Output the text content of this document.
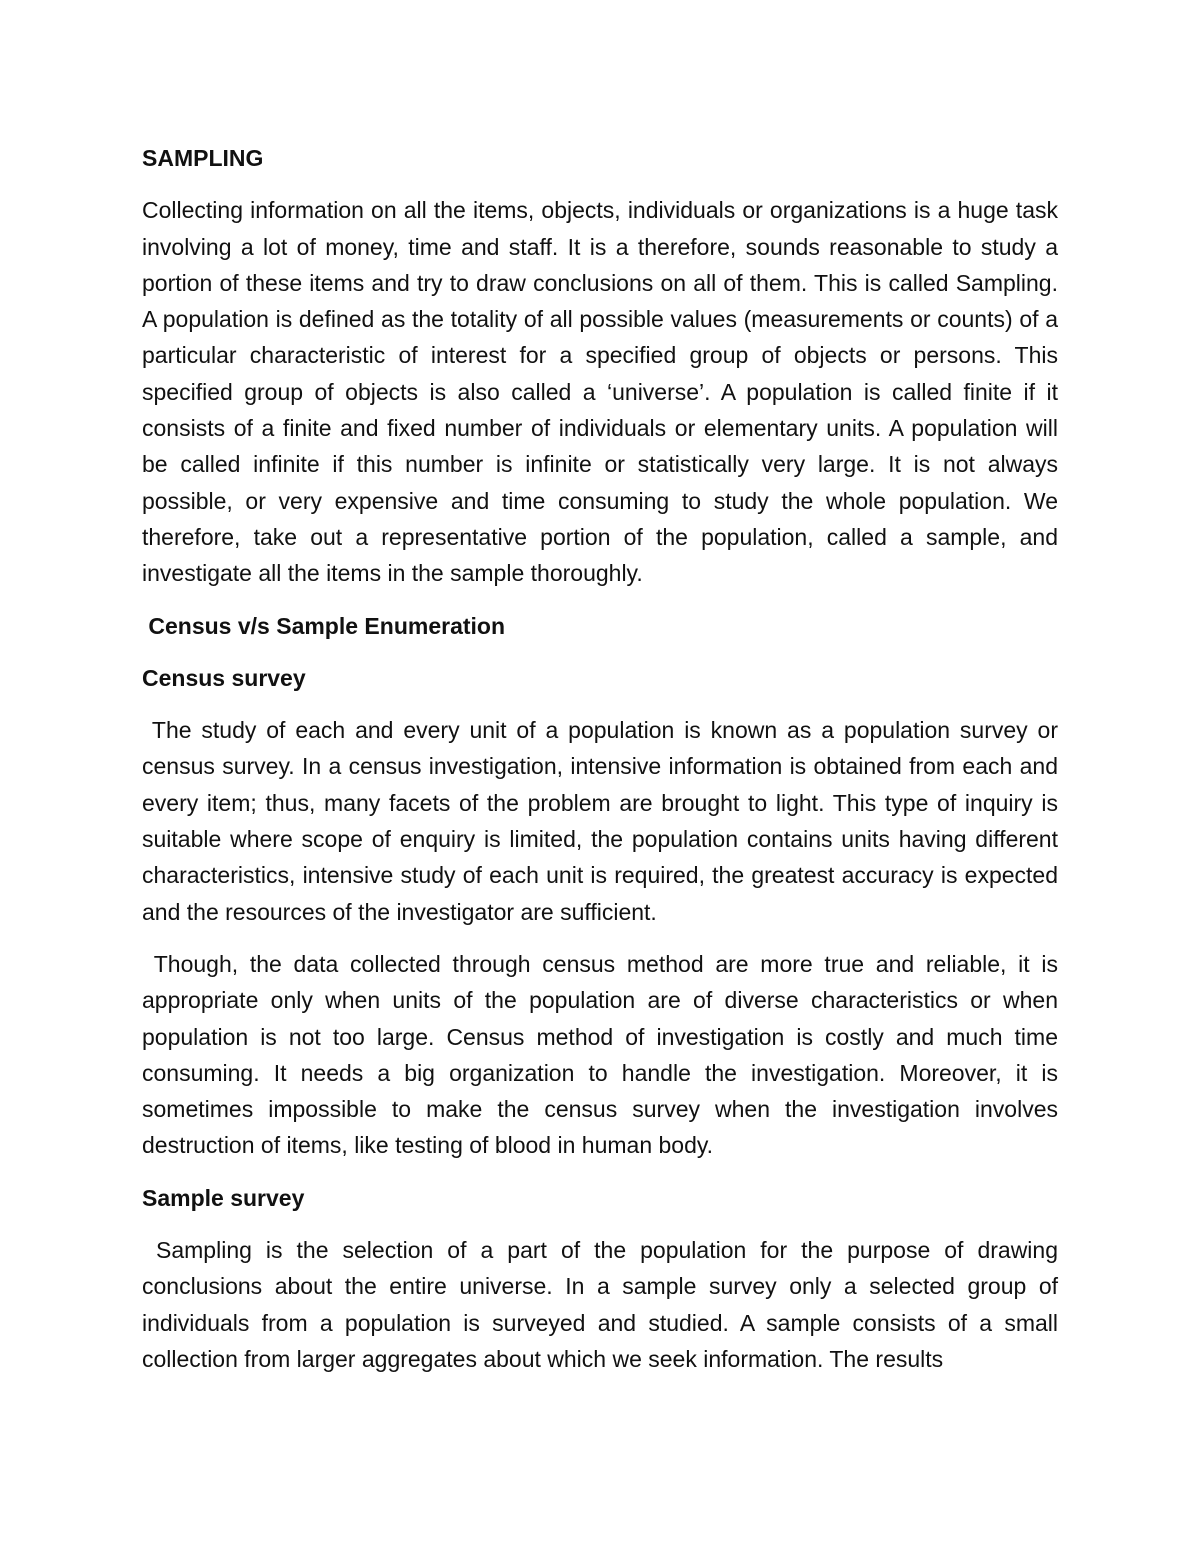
SAMPLING

Collecting information on all the items, objects, individuals or organizations is a huge task involving a lot of money, time and staff. It is a therefore, sounds reasonable to study a portion of these items and try to draw conclusions on all of them. This is called Sampling. A population is defined as the totality of all possible values (measurements or counts) of a particular characteristic of interest for a specified group of objects or persons. This specified group of objects is also called a ‘universe’. A population is called finite if it consists of a finite and fixed number of individuals or elementary units. A population will be called infinite if this number is infinite or statistically very large. It is not always possible, or very expensive and time consuming to study the whole population. We therefore, take out a representative portion of the population, called a sample, and investigate all the items in the sample thoroughly.

Census v/s Sample Enumeration

Census survey

The study of each and every unit of a population is known as a population survey or census survey. In a census investigation, intensive information is obtained from each and every item; thus, many facets of the problem are brought to light. This type of inquiry is suitable where scope of enquiry is limited, the population contains units having different characteristics, intensive study of each unit is required, the greatest accuracy is expected and the resources of the investigator are sufficient.

Though, the data collected through census method are more true and reliable, it is appropriate only when units of the population are of diverse characteristics or when population is not too large. Census method of investigation is costly and much time consuming. It needs a big organization to handle the investigation. Moreover, it is sometimes impossible to make the census survey when the investigation involves destruction of items, like testing of blood in human body.

Sample survey

Sampling is the selection of a part of the population for the purpose of drawing conclusions about the entire universe. In a sample survey only a selected group of individuals from a population is surveyed and studied. A sample consists of a small collection from larger aggregates about which we seek information. The results
